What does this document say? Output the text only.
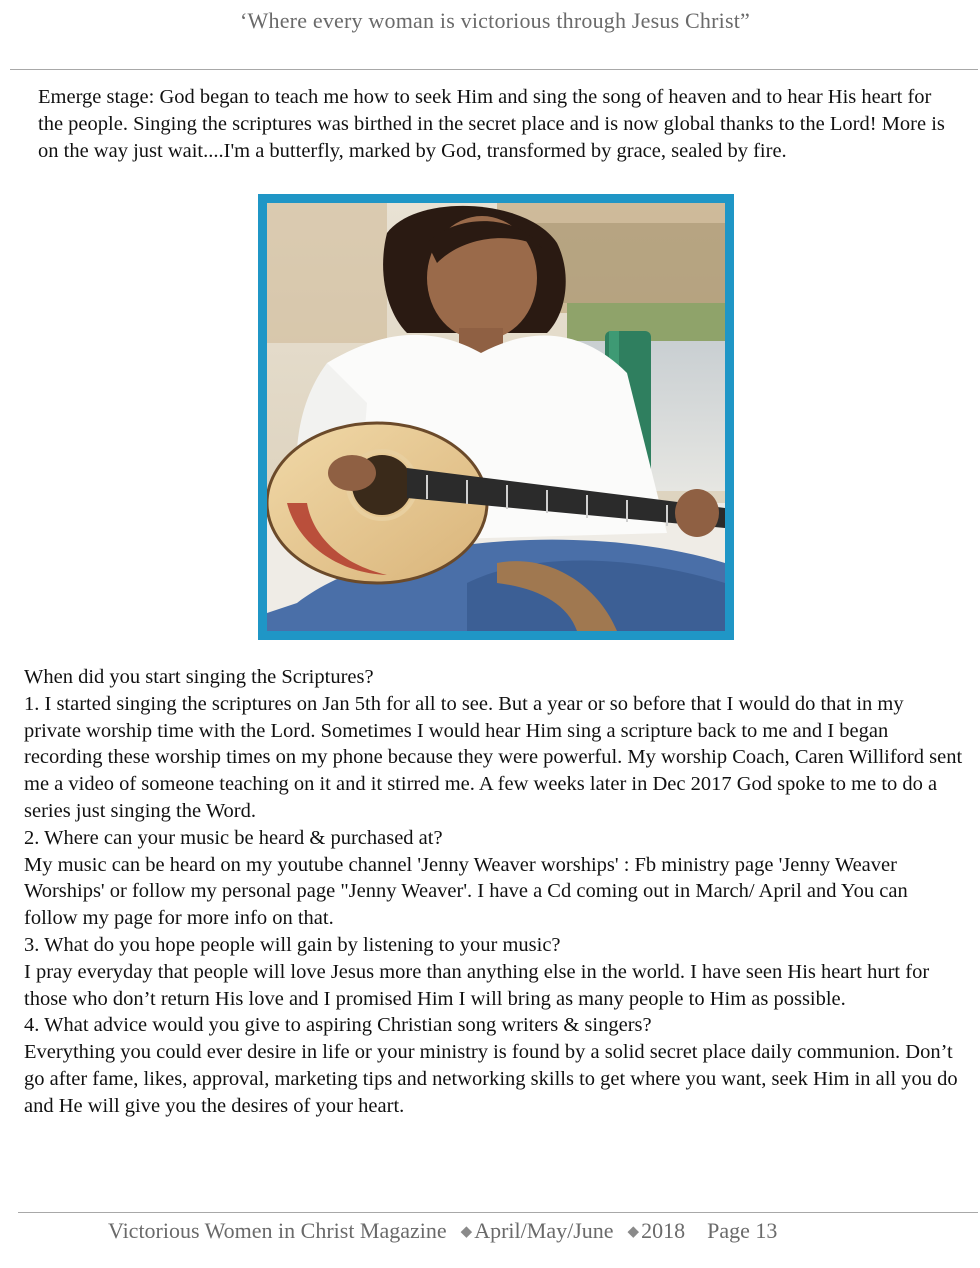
‘Where every woman is victorious through Jesus Christ”
Emerge stage: God began to teach me how to seek Him and sing the song of heaven and to hear His heart for the people. Singing the scriptures was birthed in the secret place and is now global thanks to the Lord! More is on the way just wait....I'm a butterfly, marked by God, transformed by grace, sealed by fire.

When did you start singing the Scriptures?

1. I started singing the scriptures on Jan 5th for all to see. But a year or so before that I would do that in my private worship time with the Lord. Sometimes I would hear Him sing a scripture back to me and I began recording these worship times on my phone because they were powerful. My worship Coach, Caren Williford sent me a video of someone teaching on it and it stirred me. A few weeks later in Dec 2017 God spoke to me to do a series just singing the Word.

2. Where can your music be heard & purchased at?

My music can be heard on my youtube channel 'Jenny Weaver worships' : Fb ministry page 'Jenny Weaver Worships' or follow my personal page "Jenny Weaver'. I have a Cd coming out in March/ April and You can follow my page for more info on that.

3. What do you hope people will gain by listening to your music?

I pray everyday that people will love Jesus more than anything else in the world. I have seen His heart hurt for those who don’t return His love and I promised Him I will bring as many people to Him as possible.

4. What advice would you give to aspiring Christian song writers & singers?

Everything you could ever desire in life or your ministry is found by a solid secret place daily communion. Don’t go after fame, likes, approval, marketing tips and networking skills to get where you want, seek Him in all you do and He will give you the desires of your heart.

Victorious Women in Christ Magazine ◆April/May/June ◆2018 Page 13
